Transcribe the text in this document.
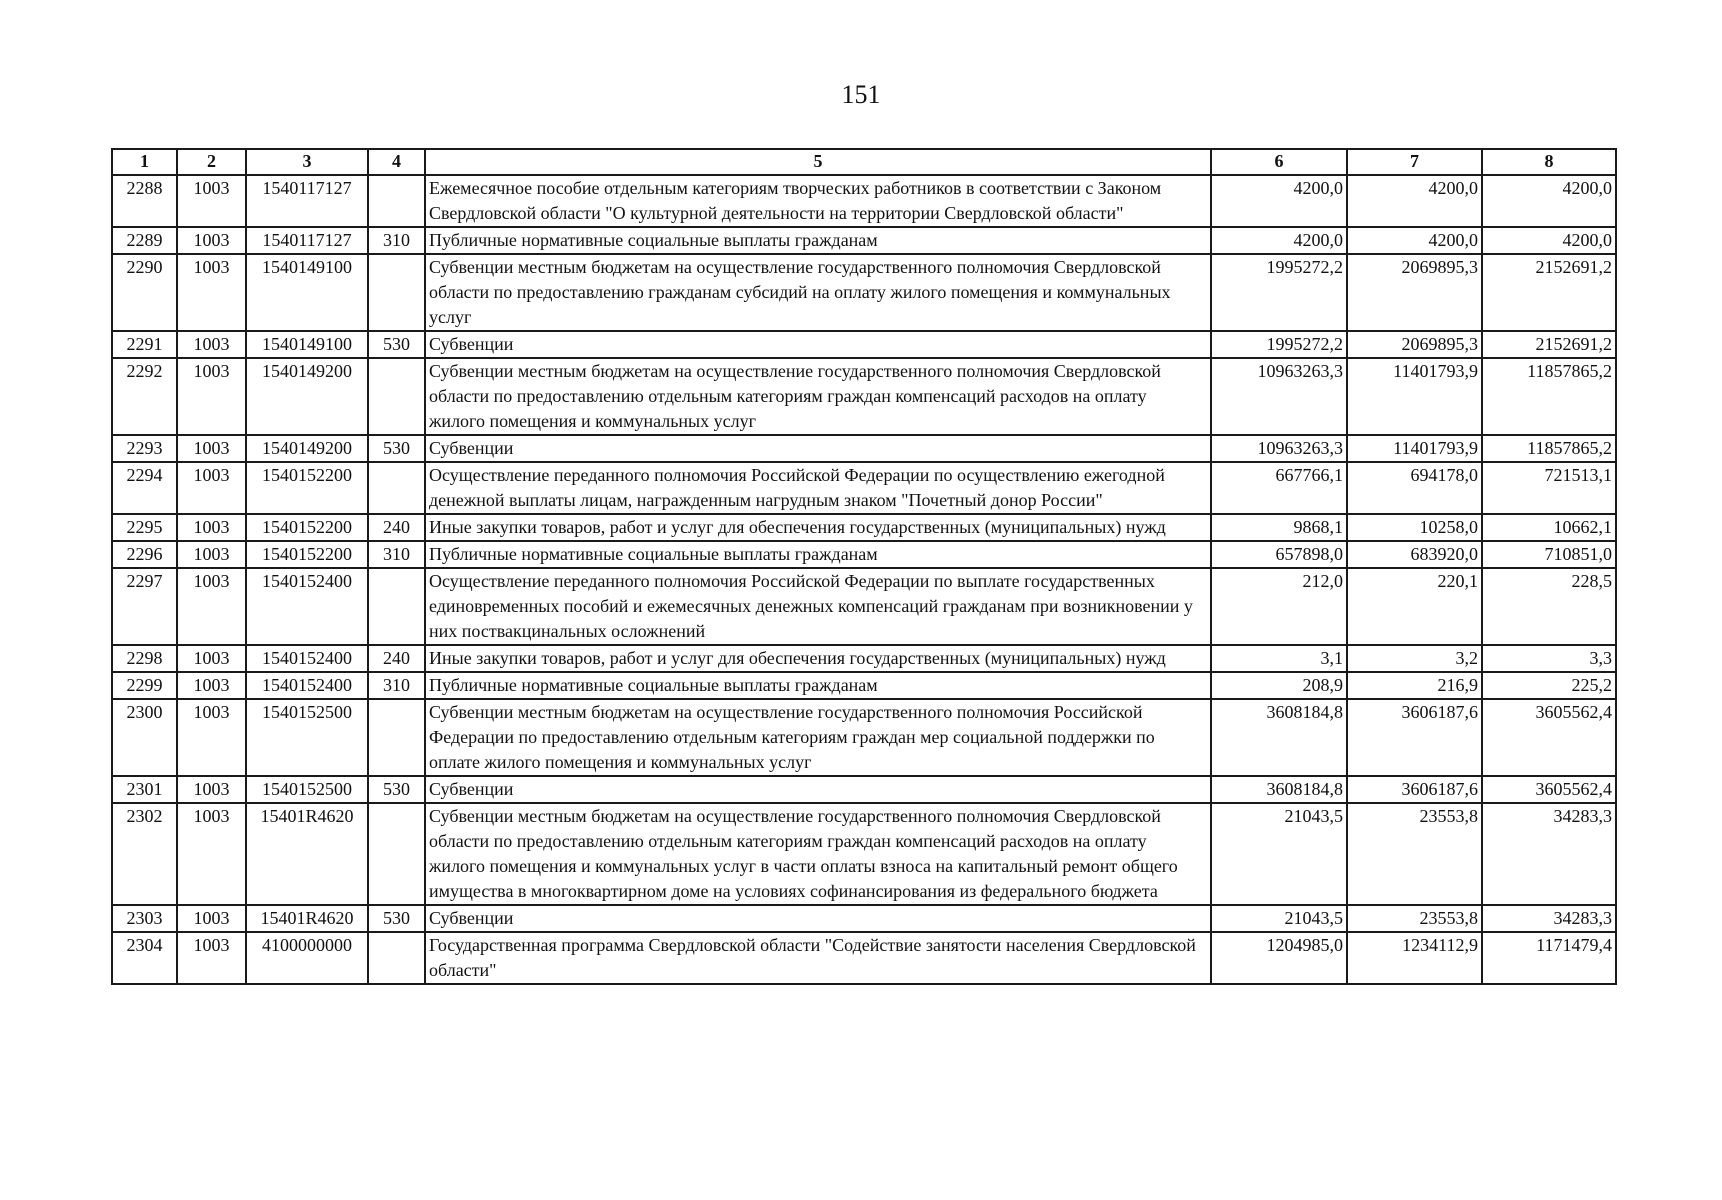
151
1	2	3	4	5	6	7	8
2288	1003	1540117127		Ежемесячное пособие отдельным категориям творческих работников в соответствии с Законом Свердловской области "О культурной деятельности на территории Свердловской области"	4200,0	4200,0	4200,0
2289	1003	1540117127	310	Публичные нормативные социальные выплаты гражданам	4200,0	4200,0	4200,0
2290	1003	1540149100		Субвенции местным бюджетам на осуществление государственного полномочия Свердловской области по предоставлению гражданам субсидий на оплату жилого помещения и коммунальных услуг	1995272,2	2069895,3	2152691,2
2291	1003	1540149100	530	Субвенции	1995272,2	2069895,3	2152691,2
2292	1003	1540149200		Субвенции местным бюджетам на осуществление государственного полномочия Свердловской области по предоставлению отдельным категориям граждан компенсаций расходов на оплату жилого помещения и коммунальных услуг	10963263,3	11401793,9	11857865,2
2293	1003	1540149200	530	Субвенции	10963263,3	11401793,9	11857865,2
2294	1003	1540152200		Осуществление переданного полномочия Российской Федерации по осуществлению ежегодной денежной выплаты лицам, награжденным нагрудным знаком "Почетный донор России"	667766,1	694178,0	721513,1
2295	1003	1540152200	240	Иные закупки товаров, работ и услуг для обеспечения государственных (муниципальных) нужд	9868,1	10258,0	10662,1
2296	1003	1540152200	310	Публичные нормативные социальные выплаты гражданам	657898,0	683920,0	710851,0
2297	1003	1540152400		Осуществление переданного полномочия Российской Федерации по выплате государственных единовременных пособий и ежемесячных денежных компенсаций гражданам при возникновении у них поствакцинальных осложнений	212,0	220,1	228,5
2298	1003	1540152400	240	Иные закупки товаров, работ и услуг для обеспечения государственных (муниципальных) нужд	3,1	3,2	3,3
2299	1003	1540152400	310	Публичные нормативные социальные выплаты гражданам	208,9	216,9	225,2
2300	1003	1540152500		Субвенции местным бюджетам на осуществление государственного полномочия Российской Федерации по предоставлению отдельным категориям граждан мер социальной поддержки по оплате жилого помещения и коммунальных услуг	3608184,8	3606187,6	3605562,4
2301	1003	1540152500	530	Субвенции	3608184,8	3606187,6	3605562,4
2302	1003	15401R4620		Субвенции местным бюджетам на осуществление государственного полномочия Свердловской области по предоставлению отдельным категориям граждан компенсаций расходов на оплату жилого помещения и коммунальных услуг в части оплаты взноса на капитальный ремонт общего имущества в многоквартирном доме на условиях софинансирования из федерального бюджета	21043,5	23553,8	34283,3
2303	1003	15401R4620	530	Субвенции	21043,5	23553,8	34283,3
2304	1003	4100000000		Государственная программа Свердловской области "Содействие занятости населения Свердловской области"	1204985,0	1234112,9	1171479,4
